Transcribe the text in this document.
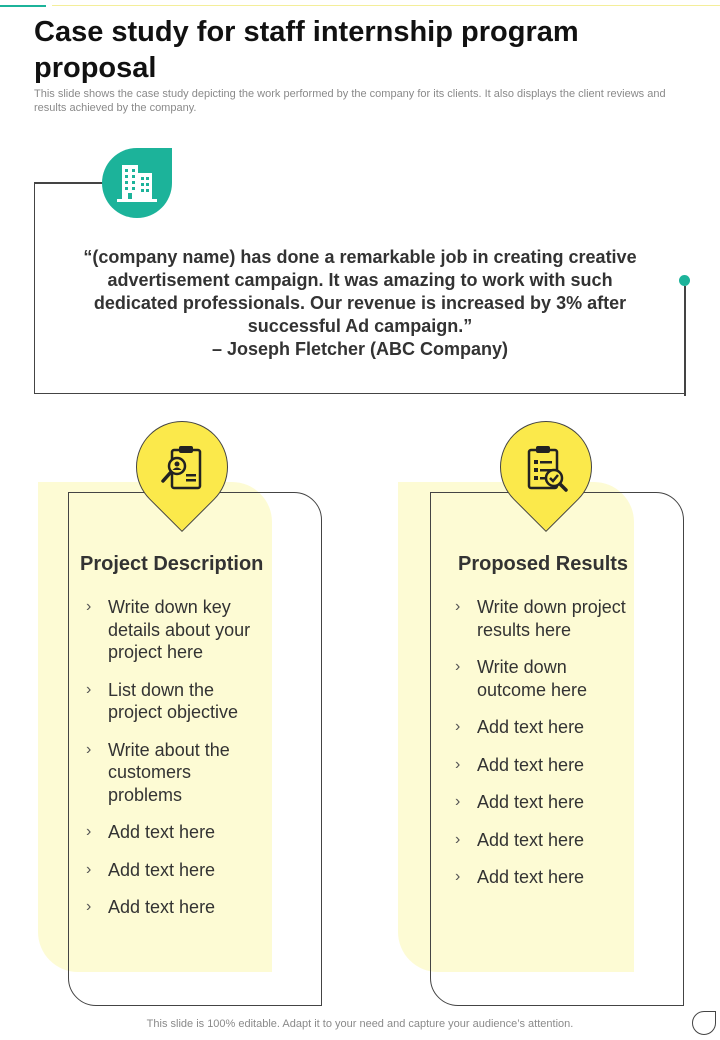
Case study for staff internship program proposal

This slide shows the case study depicting the work performed by the company for its clients. It also displays the client reviews and results achieved by the company.

“(company name) has done a remarkable job in creating creative
advertisement campaign. It was amazing to work with such
dedicated professionals. Our revenue is increased by 3% after
successful Ad campaign.”
– Joseph Fletcher (ABC Company)
Project Description
› Write down key details about your project here
› List down the project objective
› Write about the customers problems
› Add text here
› Add text here
› Add text here
Proposed Results
› Write down project results here
› Write down outcome here
› Add text here
› Add text here
› Add text here
› Add text here
› Add text here
This slide is 100% editable. Adapt it to your need and capture your audience’s attention.
